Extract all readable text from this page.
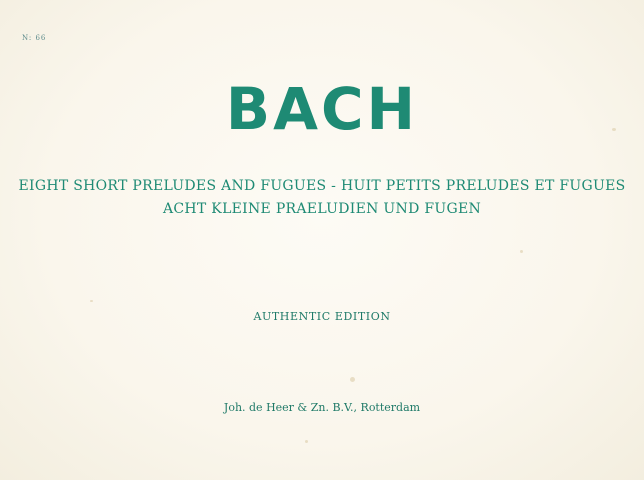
N: 66
BACH
EIGHT SHORT PRELUDES AND FUGUES - HUIT PETITS PRELUDES ET FUGUES
ACHT KLEINE PRAELUDIEN UND FUGEN
AUTHENTIC EDITION
Joh. de Heer & Zn. B.V., Rotterdam
